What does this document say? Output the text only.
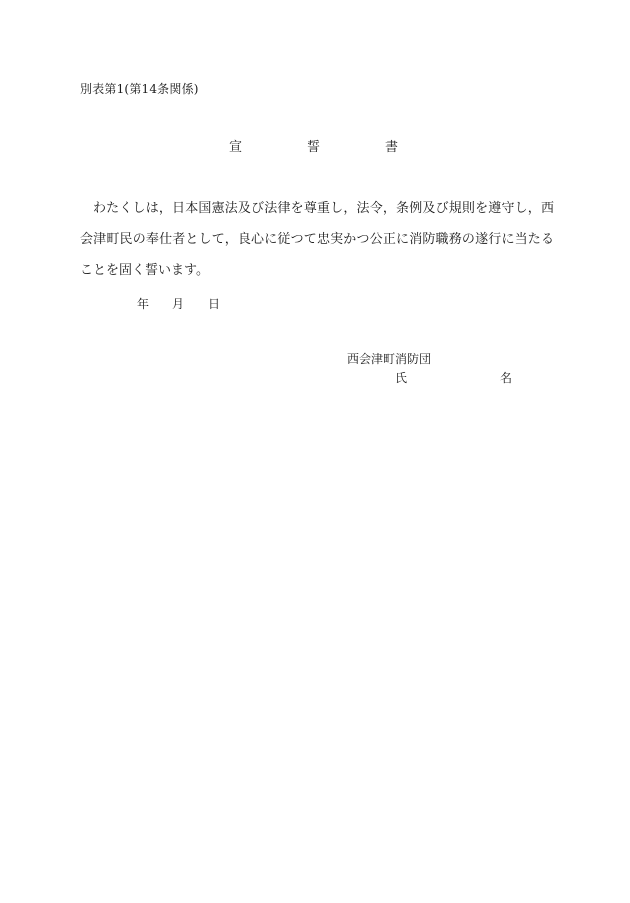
別表第1(第14条関係)
宣	誓	書

わたくしは，日本国憲法及び法律を尊重し，法令，条例及び規則を遵守し，西会津町民の奉仕者として，良心に従つて忠実かつ公正に消防職務の遂行に当たることを固く誓います。

年 月 日
西会津町消防団
氏	名
